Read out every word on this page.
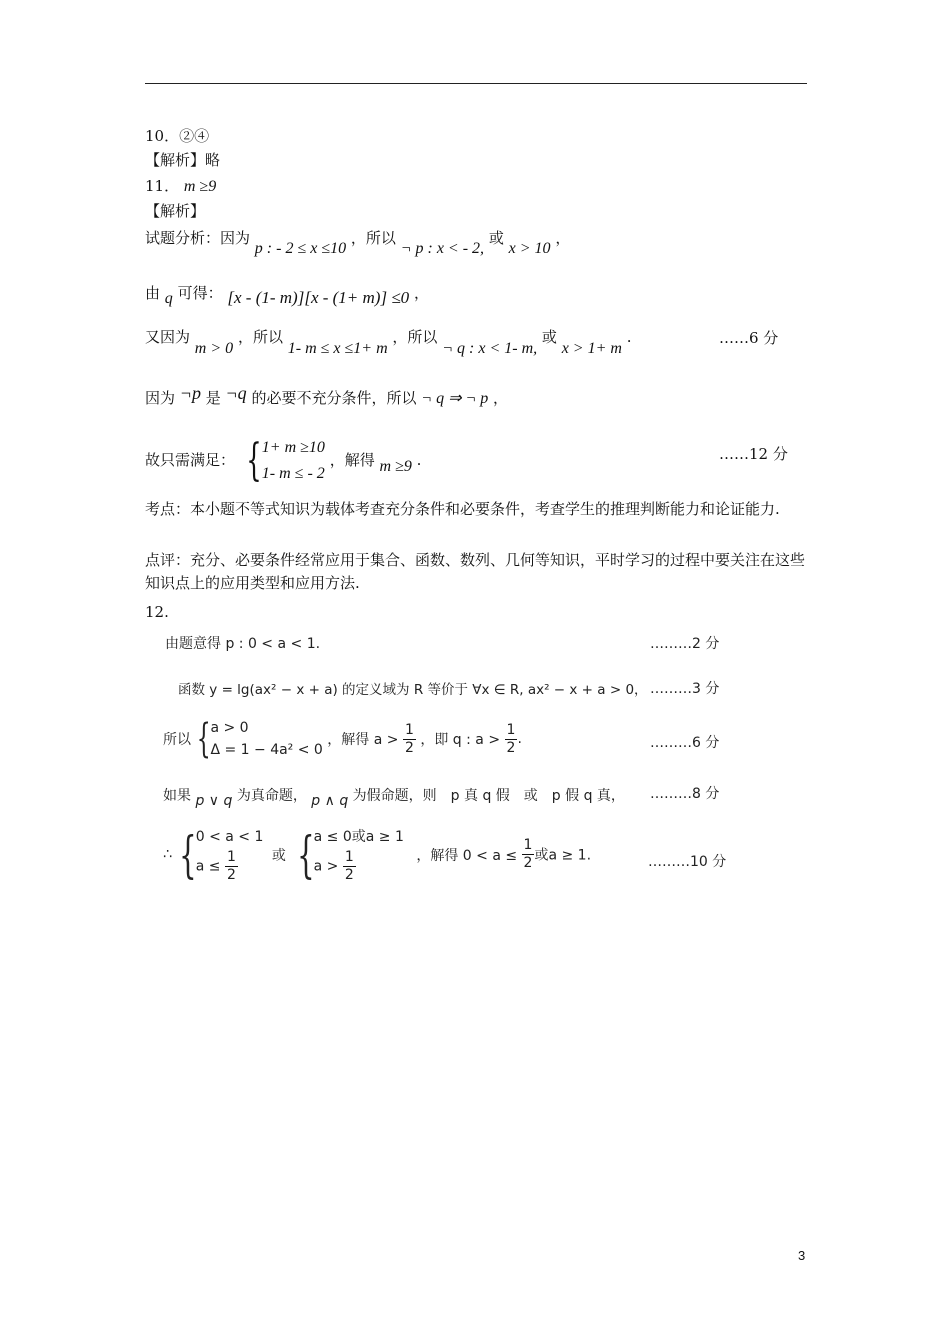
10．②④
【解析】略
11． m ≥9
【解析】
试题分析：因为 p : - 2 ≤ x ≤10 ，所以 ¬ p : x < - 2, 或 x > 10 ，
由 q 可得： [x - (1- m)][x - (1+ m)] ≤0 ，
又因为 m > 0 ，所以 1- m ≤ x ≤1+ m ，所以 ¬ q : x < 1- m, 或 x > 1+ m .	……6 分
因为 ¬p 是 ¬q 的必要不充分条件，所以 ¬ q ⇒ ¬ p ，
故只需满足： { 1+ m ≥10
1- m ≤ - 2
，解得 m ≥9 .	……12 分
考点：本小题不等式知识为载体考查充分条件和必要条件，考查学生的推理判断能力和论证能力.
点评：充分、必要条件经常应用于集合、函数、数列、几何等知识，平时学习的过程中要关注在这些知识点上的应用类型和应用方法.
12.
由题意得 p : 0 < a < 1.	………2 分
函数 y = lg(ax² − x + a) 的定义域为 R 等价于 ∀x ∈ R, ax² − x + a > 0， ………3 分
所以 { a > 0
Δ = 1 − 4a² < 0
，解得 $a > \frac{1}{2}$ ，即 q : $a > \frac{1}{2}$ .	………6 分
如果 p ∨ q 为真命题， p ∧ q 为假命题，则　p 真 q 假　或　p 假 q 真， ………8 分
∴ { 0 < a < 1
$a \le \frac{1}{2}$ 或 { a ≤ 0或a ≥ 1
$a > \frac{1}{2}$	，解得 $0 < a \le \frac{1}{2}$ 或a ≥ 1.	………10 分
3
